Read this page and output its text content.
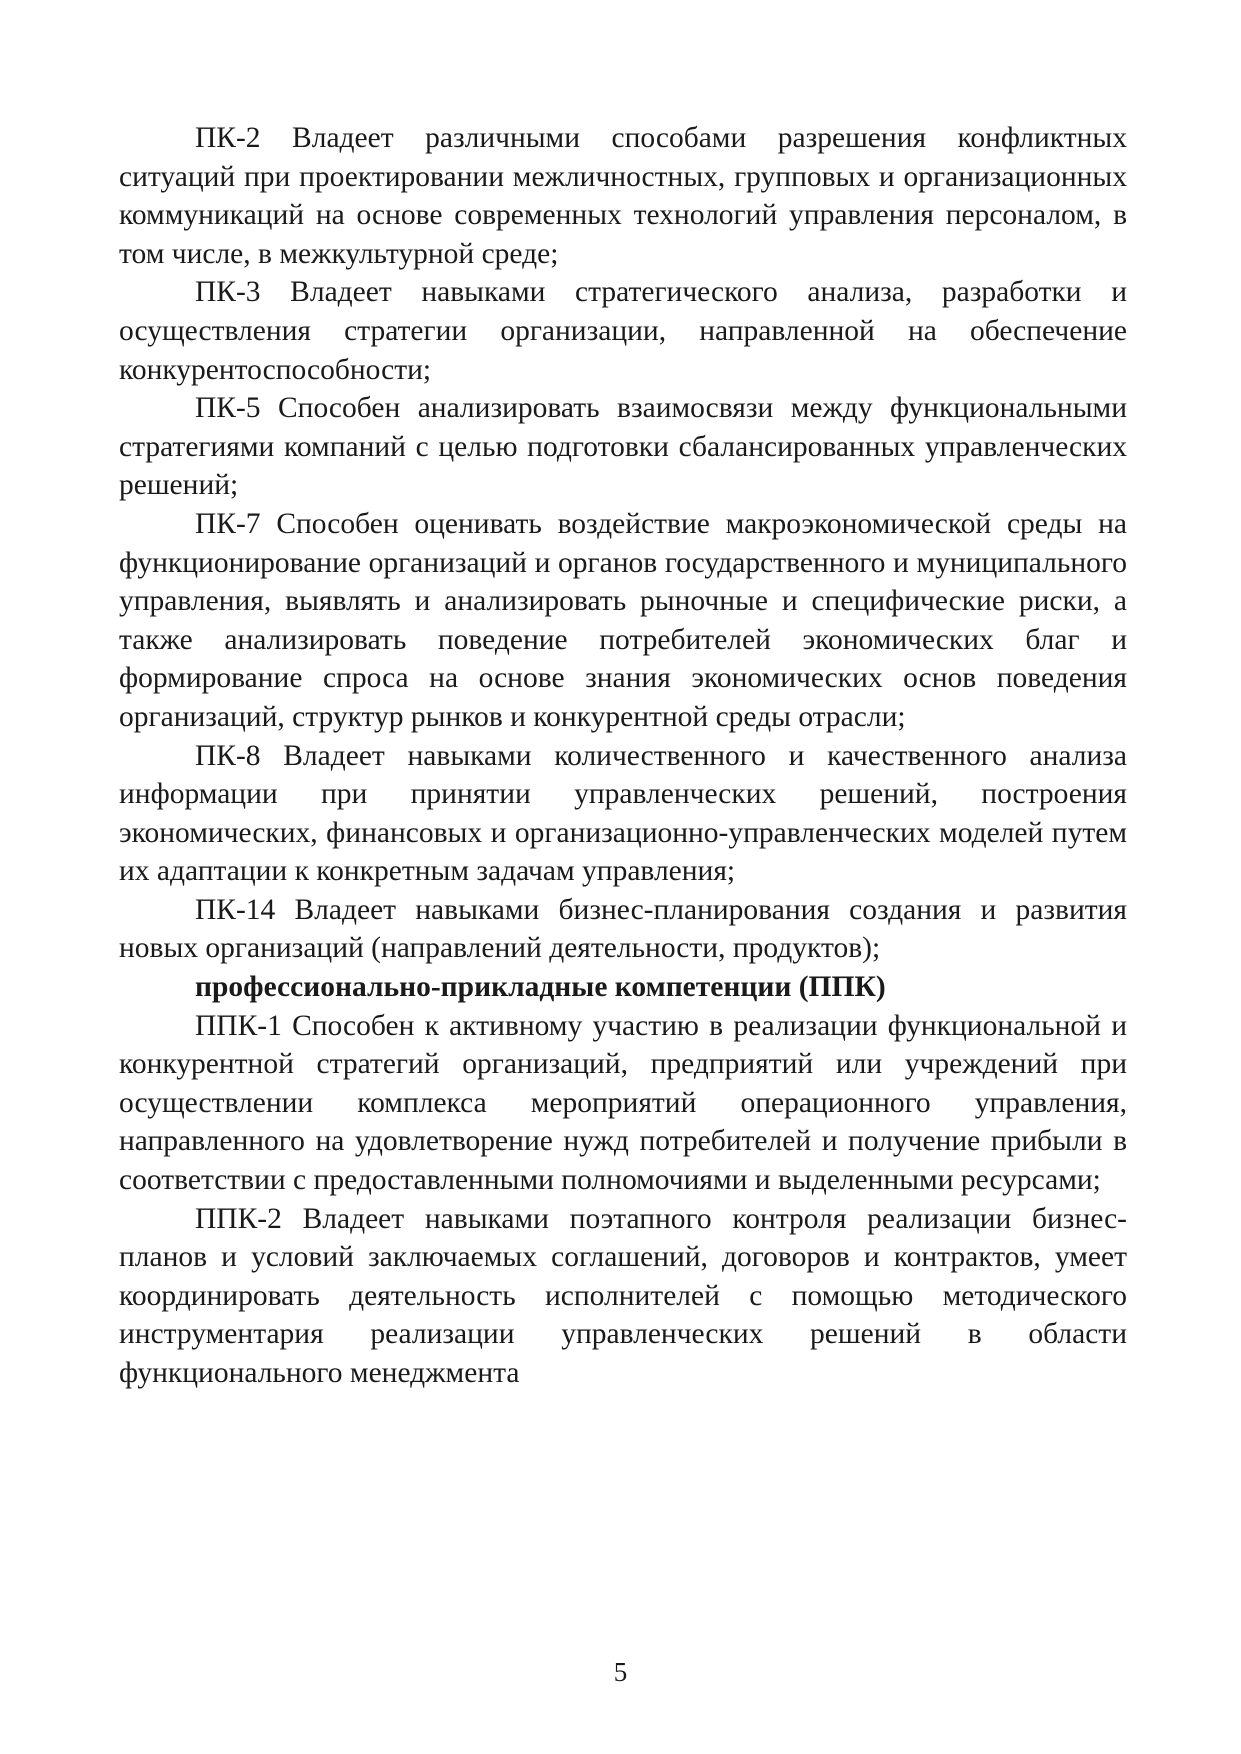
ПК-2 Владеет различными способами разрешения конфликтных ситуаций при проектировании межличностных, групповых и организационных коммуникаций на основе современных технологий управления персоналом, в том числе, в межкультурной среде;

ПК-3 Владеет навыками стратегического анализа, разработки и осуществления стратегии организации, направленной на обеспечение конкурентоспособности;

ПК-5 Способен анализировать взаимосвязи между функциональными стратегиями компаний с целью подготовки сбалансированных управленческих решений;

ПК-7 Способен оценивать воздействие макроэкономической среды на функционирование организаций и органов государственного и муниципального управления, выявлять и анализировать рыночные и специфические риски, а также анализировать поведение потребителей экономических благ и формирование спроса на основе знания экономических основ поведения организаций, структур рынков и конкурентной среды отрасли;

ПК-8 Владеет навыками количественного и качественного анализа информации при принятии управленческих решений, построения экономических, финансовых и организационно-управленческих моделей путем их адаптации к конкретным задачам управления;

ПК-14 Владеет навыками бизнес-планирования создания и развития новых организаций (направлений деятельности, продуктов);

профессионально-прикладные компетенции (ППК)

ППК-1 Способен к активному участию в реализации функциональной и конкурентной стратегий организаций, предприятий или учреждений при осуществлении комплекса мероприятий операционного управления, направленного на удовлетворение нужд потребителей и получение прибыли в соответствии с предоставленными полномочиями и выделенными ресурсами;

ППК-2 Владеет навыками поэтапного контроля реализации бизнес-планов и условий заключаемых соглашений, договоров и контрактов, умеет координировать деятельность исполнителей с помощью методического инструментария реализации управленческих решений в области функционального менеджмента

5
